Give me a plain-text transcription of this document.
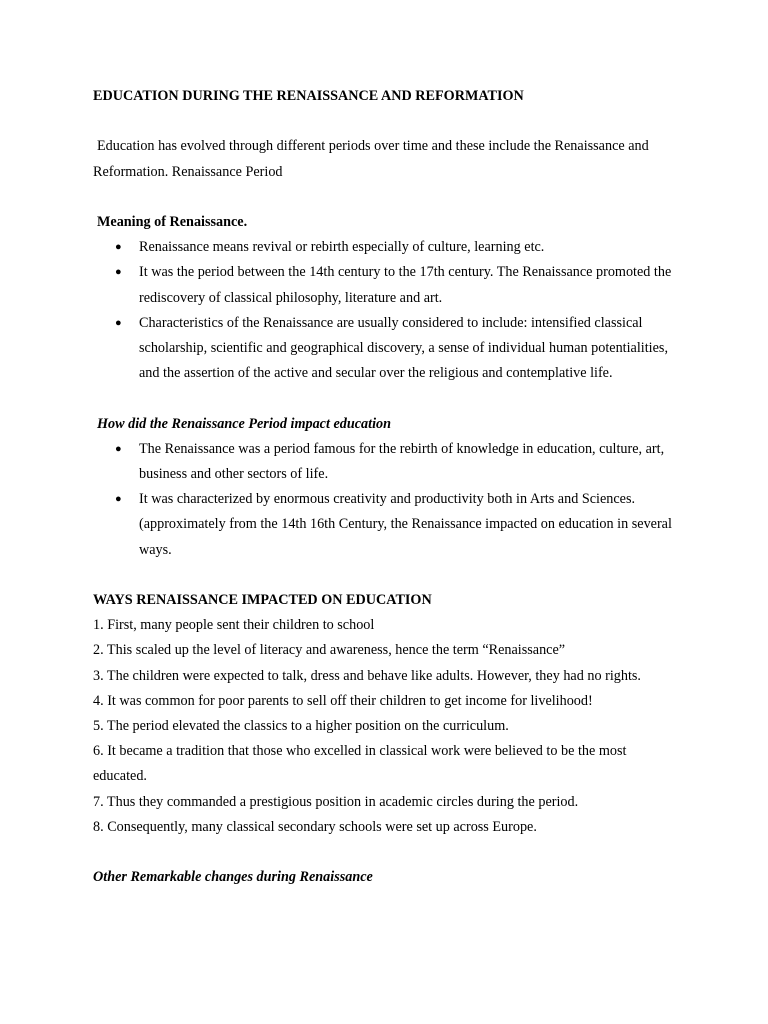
EDUCATION DURING THE RENAISSANCE AND REFORMATION

Education has evolved through different periods over time and these include the Renaissance and Reformation. Renaissance Period

Meaning of Renaissance.

● Renaissance means revival or rebirth especially of culture, learning etc.
● It was the period between the 14th century to the 17th century. The Renaissance promoted the rediscovery of classical philosophy, literature and art.
● Characteristics of the Renaissance are usually considered to include: intensified classical scholarship, scientific and geographical discovery, a sense of individual human potentialities, and the assertion of the active and secular over the religious and contemplative life.

How did the Renaissance Period impact education

● The Renaissance was a period famous for the rebirth of knowledge in education, culture, art, business and other sectors of life.
● It was characterized by enormous creativity and productivity both in Arts and Sciences. (approximately from the 14th 16th Century, the Renaissance impacted on education in several ways.

WAYS RENAISSANCE IMPACTED ON EDUCATION

1. First, many people sent their children to school
2. This scaled up the level of literacy and awareness, hence the term “Renaissance”
3. The children were expected to talk, dress and behave like adults. However, they had no rights.
4. It was common for poor parents to sell off their children to get income for livelihood!
5. The period elevated the classics to a higher position on the curriculum.
6. It became a tradition that those who excelled in classical work were believed to be the most educated.
7. Thus they commanded a prestigious position in academic circles during the period.
8. Consequently, many classical secondary schools were set up across Europe.

Other Remarkable changes during Renaissance
